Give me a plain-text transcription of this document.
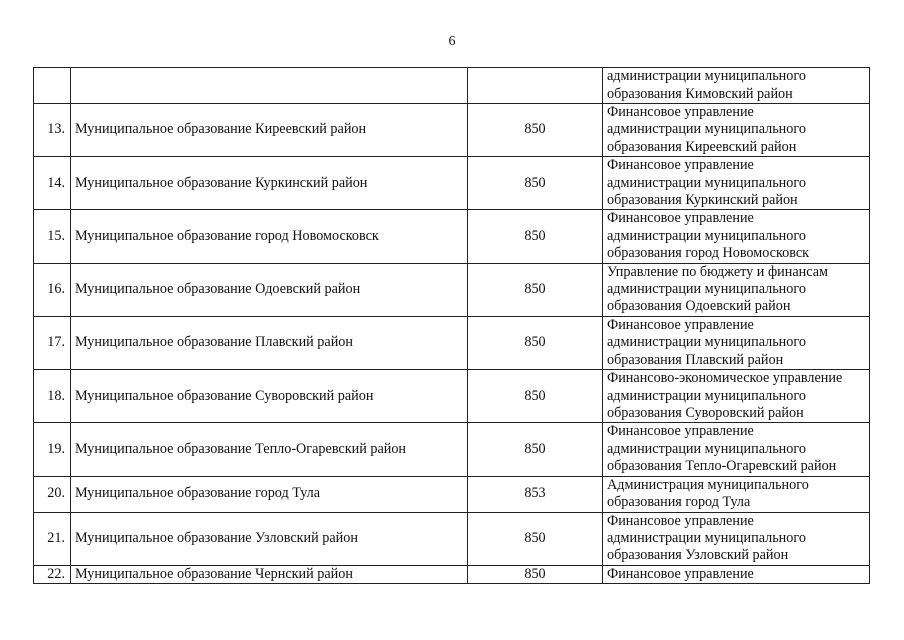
6

			администрации муниципального
образования Кимовский район

13.	Муниципальное образование Киреевский район	850	Финансовое управление
администрации муниципального
образования Киреевский район

14.	Муниципальное образование Куркинский район	850	Финансовое управление
администрации муниципального
образования Куркинский район

15.	Муниципальное образование город Новомосковск	850	Финансовое управление
администрации муниципального
образования город Новомосковск

16.	Муниципальное образование Одоевский район	850	Управление по бюджету и финансам
администрации муниципального
образования Одоевский район

17.	Муниципальное образование Плавский район	850	Финансовое управление
администрации муниципального
образования Плавский район

18.	Муниципальное образование Суворовский район	850	Финансово-экономическое управление
администрации муниципального
образования Суворовский район

19.	Муниципальное образование Тепло-Огаревский район	850	Финансовое управление
администрации муниципального
образования Тепло-Огаревский район

20.	Муниципальное образование город Тула	853	Администрация муниципального
образования город Тула

21.	Муниципальное образование Узловский район	850	Финансовое управление
администрации муниципального
образования Узловский район

22.	Муниципальное образование Чернский район	850	Финансовое управление
